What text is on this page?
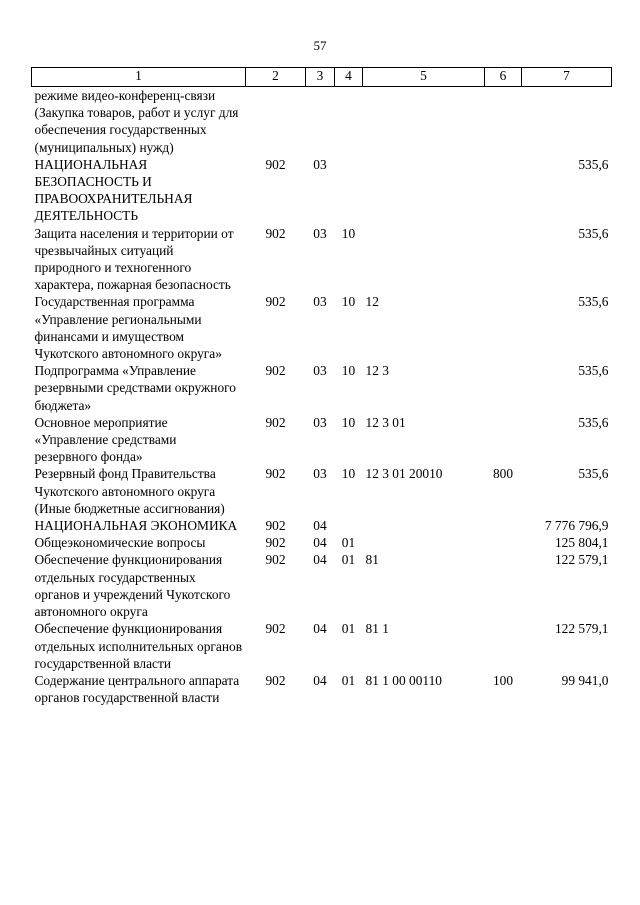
57
1	2	3	4	5	6	7
режиме видео-конференц-связи (Закупка товаров, работ и услуг для обеспечения государственных (муниципальных) нужд)						
НАЦИОНАЛЬНАЯ БЕЗОПАСНОСТЬ И ПРАВООХРАНИТЕЛЬНАЯ ДЕЯТЕЛЬНОСТЬ	902	03				535,6
Защита населения и территории от чрезвычайных ситуаций природного и техногенного характера, пожарная безопасность	902	03	10			535,6
Государственная программа «Управление региональными финансами и имуществом Чукотского автономного округа»	902	03	10	12		535,6
Подпрограмма «Управление резервными средствами окружного бюджета»	902	03	10	12 3		535,6
Основное мероприятие «Управление средствами резервного фонда»	902	03	10	12 3 01		535,6
Резервный фонд Правительства Чукотского автономного округа (Иные бюджетные ассигнования)	902	03	10	12 3 01 20010	800	535,6
НАЦИОНАЛЬНАЯ ЭКОНОМИКА	902	04				7 776 796,9
Общеэкономические вопросы	902	04	01			125 804,1
Обеспечение функционирования отдельных государственных органов и учреждений Чукотского автономного округа	902	04	01	81		122 579,1
Обеспечение функционирования отдельных исполнительных органов государственной власти	902	04	01	81 1		122 579,1
Содержание центрального аппарата органов государственной власти	902	04	01	81 1 00 00110	100	99 941,0
